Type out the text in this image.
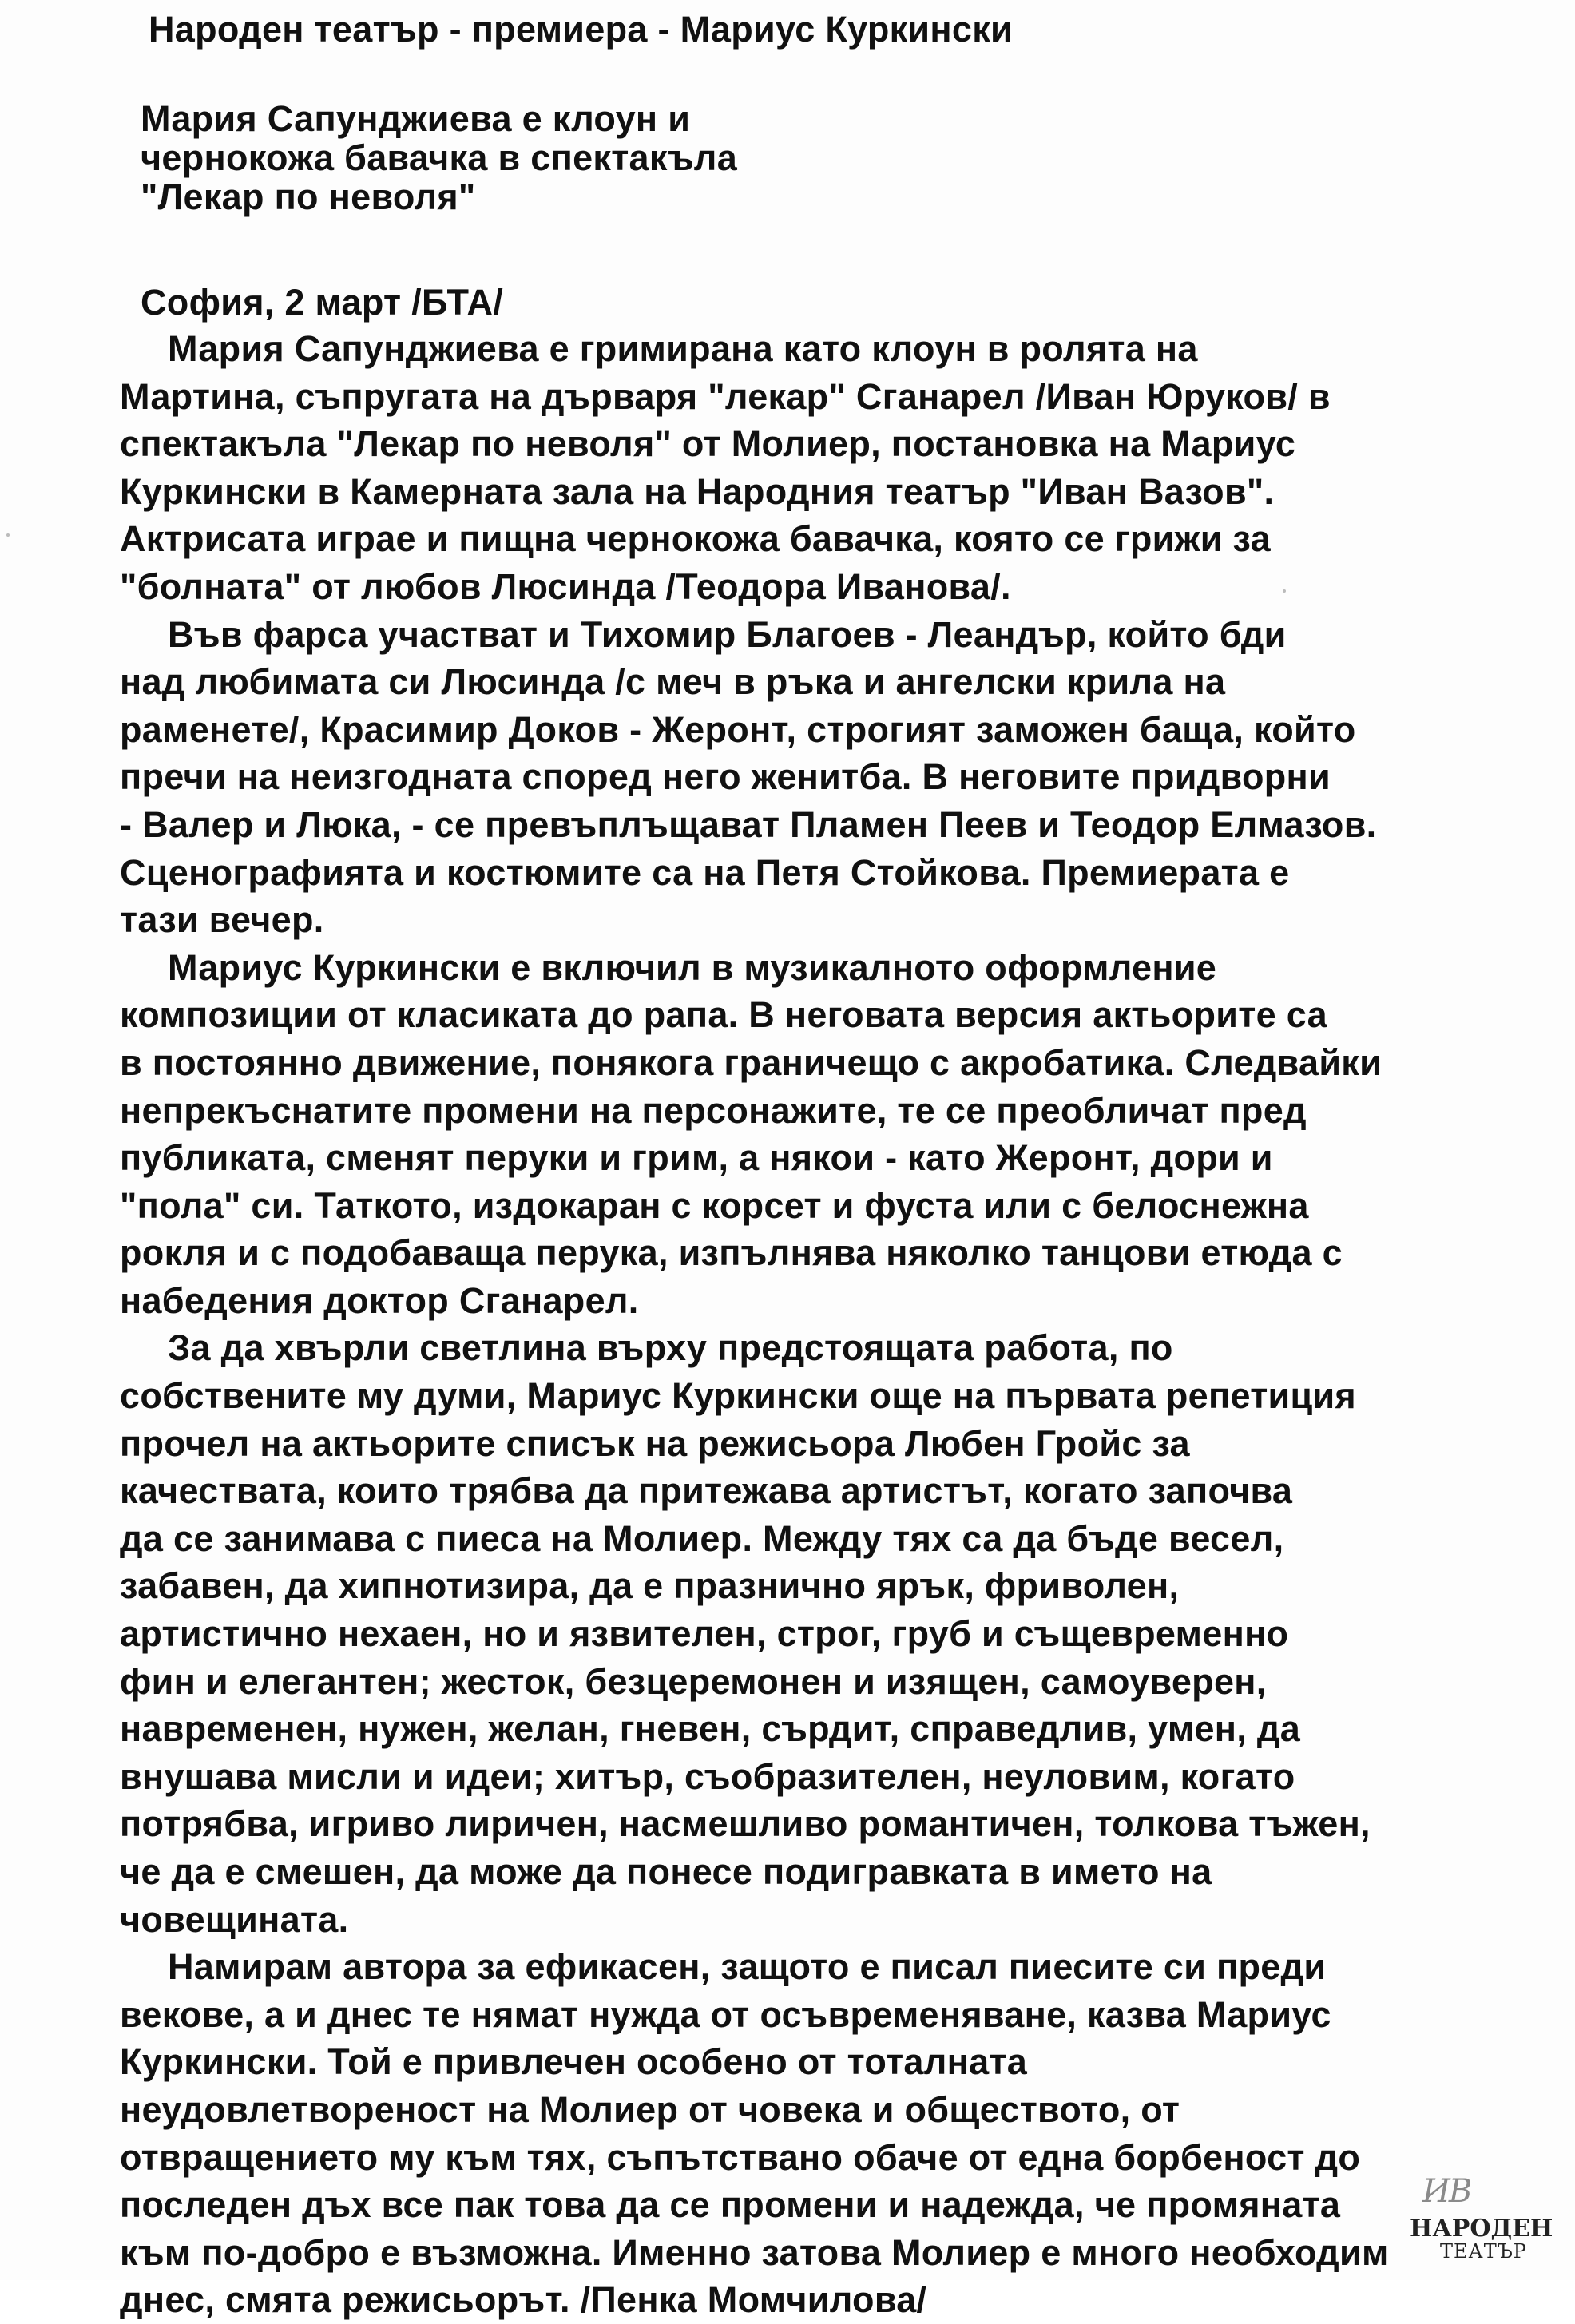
Народен театър - премиера - Мариус Куркински
Мария Сапунджиева е клоун и
чернокожа бавачка в спектакъла
"Лекар по неволя"

София, 2 март /БТА/

Мария Сапунджиева е гримирана като клоун в ролята на
Мартина, съпругата на дърваря "лекар" Сганарел /Иван Юруков/ в
спектакъла "Лекар по неволя" от Молиер, постановка на Мариус
Куркински в Камерната зала на Народния театър "Иван Вазов".
Актрисата играе и пищна чернокожа бавачка, която се грижи за
"болната" от любов Люсинда /Теодора Иванова/.

Във фарса участват и Тихомир Благоев - Леандър, който бди
над любимата си Люсинда /с меч в ръка и ангелски крила на
раменете/, Красимир Доков - Жеронт, строгият заможен баща, който
пречи на неизгодната според него женитба. В неговите придворни
- Валер и Люка, - се превъплъщават Пламен Пеев и Теодор Елмазов.
Сценографията и костюмите са на Петя Стойкова. Премиерата е
тази вечер.

Мариус Куркински е включил в музикалното оформление
композиции от класиката до рапа. В неговата версия актьорите са
в постоянно движение, понякога граничещо с акробатика. Следвайки
непрекъснатите промени на персонажите, те се преобличат пред
публиката, сменят перуки и грим, а някои - като Жеронт, дори и
"пола" си. Таткото, издокаран с корсет и фуста или с белоснежна
рокля и с подобаваща перука, изпълнява няколко танцови етюда с
набедения доктор Сганарел.

За да хвърли светлина върху предстоящата работа, по
собствените му думи, Мариус Куркински още на първата репетиция
прочел на актьорите списък на режисьора Любен Гройс за
качествата, които трябва да притежава артистът, когато започва
да се занимава с пиеса на Молиер. Между тях са да бъде весел,
забавен, да хипнотизира, да е празнично ярък, фриволен,
артистично нехаен, но и язвителен, строг, груб и същевременно
фин и елегантен; жесток, безцеремонен и изящен, самоуверен,
навременен, нужен, желан, гневен, сърдит, справедлив, умен, да
внушава мисли и идеи; хитър, съобразителен, неуловим, когато
потрябва, игриво лиричен, насмешливо романтичен, толкова тъжен,
че да е смешен, да може да понесе подигравката в името на
човещината.

Намирам автора за ефикасен, защото е писал пиесите си преди
векове, а и днес те нямат нужда от осъвременяване, казва Мариус
Куркински. Той е привлечен особено от тоталната
неудовлетвореност на Молиер от човека и обществото, от
отвращението му към тях, съпътствано обаче от една борбеност до
последен дъх все пак това да се промени и надежда, че промяната
към по-добро е възможна. Именно затова Молиер е много необходим
днес, смята режисьорът. /Пенка Момчилова/

ИВ
НАРОДЕН
ТЕАТЪР
